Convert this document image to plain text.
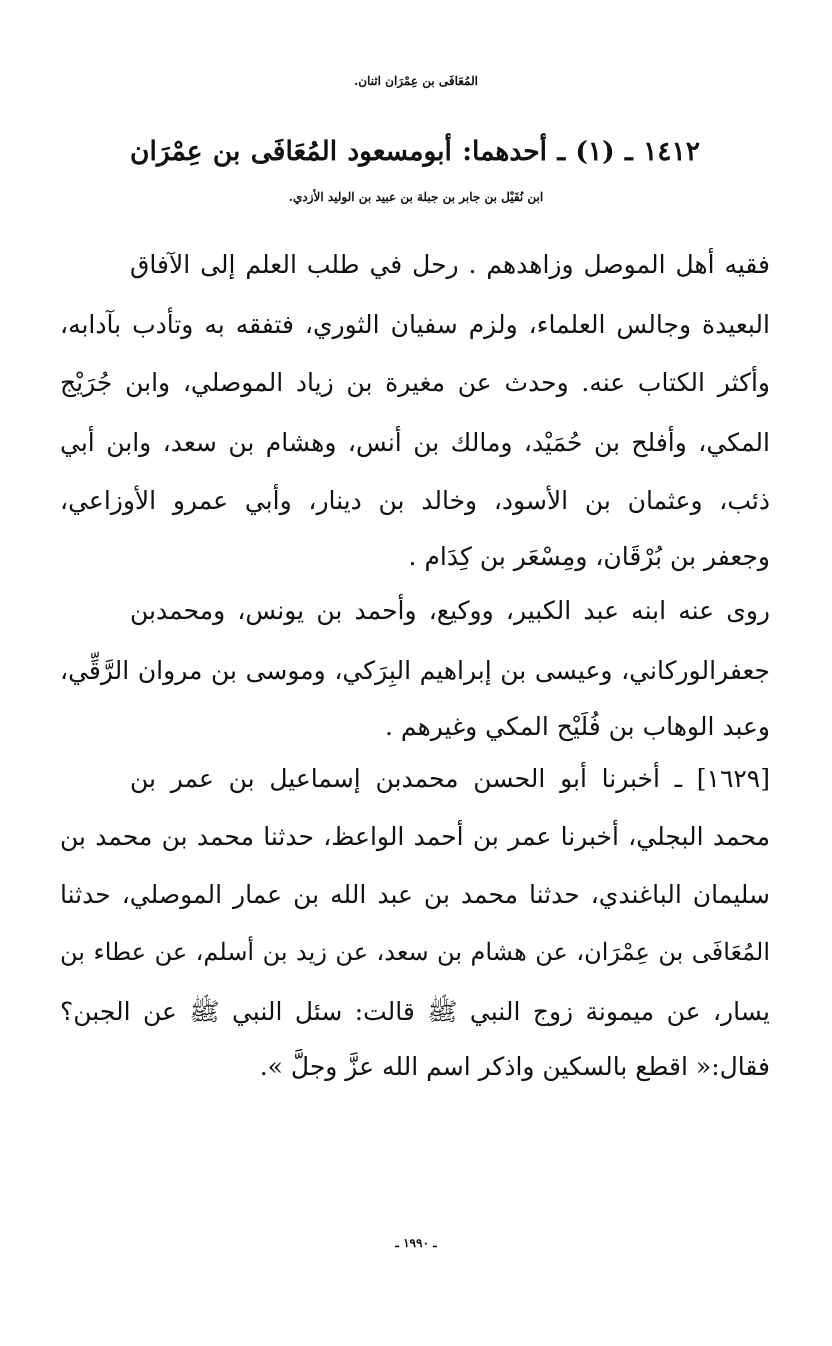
المُعَافَى بن عِمْرَان اثنان.
١٤١٢ ـ (١) ـ أحدهما: أبومسعود المُعَافَى بن عِمْرَان
ابن نُفَيْل بن جابر بن جبلة بن عبيد بن الوليد الأزدي.
فقيه أهل الموصل وزاهدهم . رحل في طلب العلم إلى الآفاق
البعيدة وجالس العلماء، ولزم سفيان الثوري، فتفقه به وتأدب بآدابه،
وأكثر الكتاب عنه. وحدث عن مغيرة بن زياد الموصلي، وابن جُرَيْج
المكي، وأفلح بن حُمَيْد، ومالك بن أنس، وهشام بن سعد، وابن أبي
ذئب، وعثمان بن الأسود، وخالد بن دينار، وأبي عمرو الأوزاعي،
وجعفر بن بُرْقَان، ومِسْعَر بن كِدَام .
روى عنه ابنه عبد الكبير، ووكيع، وأحمد بن يونس، ومحمدبن
جعفرالوركاني، وعيسى بن إبراهيم البِرَكي، وموسى بن مروان الرَّقِّي،
وعبد الوهاب بن فُلَيْح المكي وغيرهم .
[١٦٢٩] ـ أخبرنا أبو الحسن محمدبن إسماعيل بن عمر بن
محمد البجلي، أخبرنا عمر بن أحمد الواعظ، حدثنا محمد بن محمد بن
سليمان الباغندي، حدثنا محمد بن عبد الله بن عمار الموصلي، حدثنا
المُعَافَى بن عِمْرَان، عن هشام بن سعد، عن زيد بن أسلم، عن عطاء بن
يسار، عن ميمونة زوج النبي ﷺ قالت: سئل النبي ﷺ عن الجبن؟
فقال:« اقطع بالسكين واذكر اسم الله عزَّ وجلَّ ».
ـ ١٩٩٠ ـ
